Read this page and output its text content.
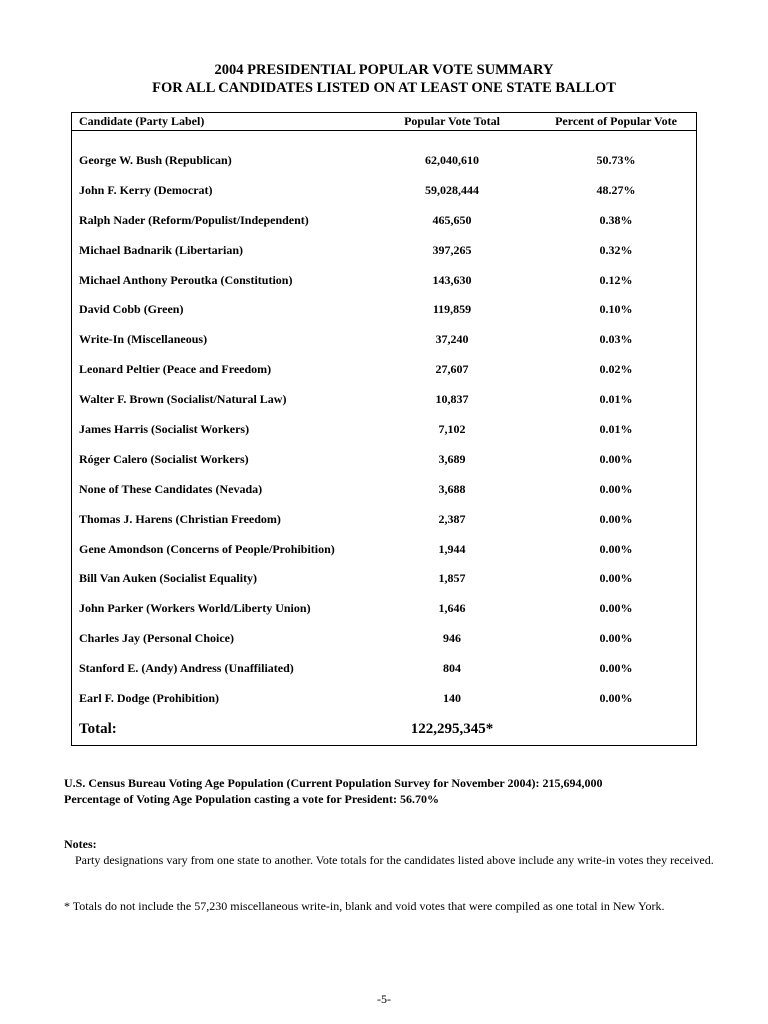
2004 PRESIDENTIAL POPULAR VOTE SUMMARY
FOR ALL CANDIDATES LISTED ON AT LEAST ONE STATE BALLOT
Candidate (Party Label)	Popular Vote Total	Percent of Popular Vote
George W. Bush (Republican)	62,040,610	50.73%
John F. Kerry (Democrat)	59,028,444	48.27%
Ralph Nader (Reform/Populist/Independent)	465,650	0.38%
Michael Badnarik (Libertarian)	397,265	0.32%
Michael Anthony Peroutka (Constitution)	143,630	0.12%
David Cobb (Green)	119,859	0.10%
Write-In (Miscellaneous)	37,240	0.03%
Leonard Peltier (Peace and Freedom)	27,607	0.02%
Walter F. Brown (Socialist/Natural Law)	10,837	0.01%
James Harris (Socialist Workers)	7,102	0.01%
Róger Calero (Socialist Workers)	3,689	0.00%
None of These Candidates (Nevada)	3,688	0.00%
Thomas J. Harens (Christian Freedom)	2,387	0.00%
Gene Amondson (Concerns of People/Prohibition)	1,944	0.00%
Bill Van Auken (Socialist Equality)	1,857	0.00%
John Parker (Workers World/Liberty Union)	1,646	0.00%
Charles Jay (Personal Choice)	946	0.00%
Stanford E. (Andy) Andress (Unaffiliated)	804	0.00%
Earl F. Dodge (Prohibition)	140	0.00%
Total:	122,295,345*
U.S. Census Bureau Voting Age Population (Current Population Survey for November 2004): 215,694,000
Percentage of Voting Age Population casting a vote for President: 56.70%
Notes:
Party designations vary from one state to another. Vote totals for the candidates listed above include any write-in votes they received.
* Totals do not include the 57,230 miscellaneous write-in, blank and void votes that were compiled as one total in New York.
-5-
